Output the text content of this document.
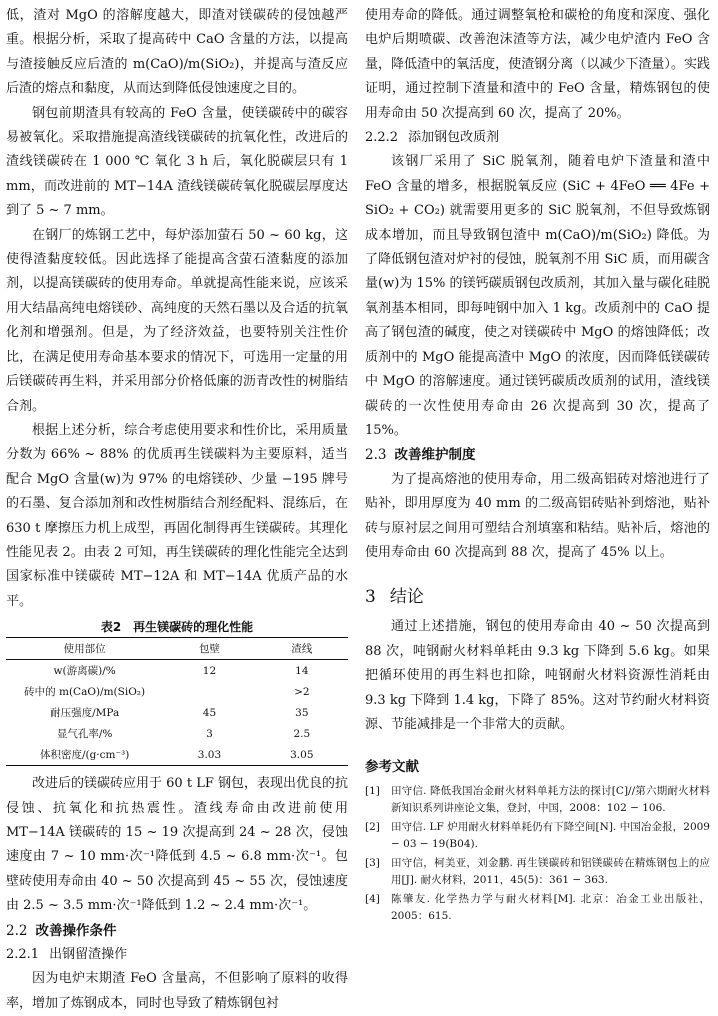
低，渣对 MgO 的溶解度越大，即渣对镁碳砖的侵蚀越严重。根据分析，采取了提高砖中 CaO 含量的方法，以提高与渣接触反应后渣的 m(CaO)/m(SiO₂)，并提高与渣反应后渣的熔点和黏度，从而达到降低侵蚀速度之目的。

钢包前期渣具有较高的 FeO 含量，使镁碳砖中的碳容易被氧化。采取措施提高渣线镁碳砖的抗氧化性，改进后的渣线镁碳砖在 1 000 ℃ 氧化 3 h 后，氧化脱碳层只有 1 mm，而改进前的 MT−14A 渣线镁碳砖氧化脱碳层厚度达到了 5 ~ 7 mm。

在钢厂的炼钢工艺中，每炉添加萤石 50 ~ 60 kg，这使得渣黏度较低。因此选择了能提高含萤石渣黏度的添加剂，以提高镁碳砖的使用寿命。单就提高性能来说，应该采用大结晶高纯电熔镁砂、高纯度的天然石墨以及合适的抗氧化剂和增强剂。但是，为了经济效益，也要特别关注性价比，在满足使用寿命基本要求的情况下，可选用一定量的用后镁碳砖再生料，并采用部分价格低廉的沥青改性的树脂结合剂。

根据上述分析，综合考虑使用要求和性价比，采用质量分数为 66% ~ 88% 的优质再生镁碳料为主要原料，适当配合 MgO 含量(w)为 97% 的电熔镁砂、少量 −195 牌号的石墨、复合添加剂和改性树脂结合剂经配料、混练后，在 630 t 摩擦压力机上成型，再固化制得再生镁碳砖。其理化性能见表 2。由表 2 可知，再生镁碳砖的理化性能完全达到国家标准中镁碳砖 MT−12A 和 MT−14A 优质产品的水平。

表2　再生镁碳砖的理化性能
使用部位	包壁	渣线
w(游离碳)/%	12	14
砖中的 m(CaO)/m(SiO₂)		>2
耐压强度/MPa	45	35
显气孔率/%	3	2.5
体积密度/(g·cm⁻³)	3.03	3.05

改进后的镁碳砖应用于 60 t LF 钢包，表现出优良的抗侵蚀、抗氧化和抗热震性。渣线寿命由改进前使用 MT−14A 镁碳砖的 15 ~ 19 次提高到 24 ~ 28 次，侵蚀速度由 7 ~ 10 mm·次⁻¹降低到 4.5 ~ 6.8 mm·次⁻¹。包壁砖使用寿命由 40 ~ 50 次提高到 45 ~ 55 次，侵蚀速度由 2.5 ~ 3.5 mm·次⁻¹降低到 1.2 ~ 2.4 mm·次⁻¹。

2.2 改善操作条件
2.2.1 出钢留渣操作

因为电炉末期渣 FeO 含量高，不但影响了原料的收得率，增加了炼钢成本，同时也导致了精炼钢包衬

使用寿命的降低。通过调整氧枪和碳枪的角度和深度、强化电炉后期喷碳、改善泡沫渣等方法，减少电炉渣内 FeO 含量，降低渣中的氧活度，使渣钢分离（以减少下渣量）。实践证明，通过控制下渣量和渣中的 FeO 含量，精炼钢包的使用寿命由 50 次提高到 60 次，提高了 20%。

2.2.2 添加钢包改质剂

该钢厂采用了 SiC 脱氧剂，随着电炉下渣量和渣中 FeO 含量的增多，根据脱氧反应 (SiC + 4FeO ══ 4Fe + SiO₂ + CO₂) 就需要用更多的 SiC 脱氧剂，不但导致炼钢成本增加，而且导致钢包渣中 m(CaO)/m(SiO₂) 降低。为了降低钢包渣对炉衬的侵蚀，脱氧剂不用 SiC 质，而用碳含量(w)为 15% 的镁钙碳质钢包改质剂，其加入量与碳化硅脱氧剂基本相同，即每吨钢中加入 1 kg。改质剂中的 CaO 提高了钢包渣的碱度，使之对镁碳砖中 MgO 的熔蚀降低；改质剂中的 MgO 能提高渣中 MgO 的浓度，因而降低镁碳砖中 MgO 的溶解速度。通过镁钙碳质改质剂的试用，渣线镁碳砖的一次性使用寿命由 26 次提高到 30 次，提高了 15%。

2.3 改善维护制度

为了提高熔池的使用寿命，用二级高铝砖对熔池进行了贴补，即用厚度为 40 mm 的二级高铝砖贴补到熔池，贴补砖与原衬层之间用可塑结合剂填塞和粘结。贴补后，熔池的使用寿命由 60 次提高到 88 次，提高了 45% 以上。

3 结论

通过上述措施，钢包的使用寿命由 40 ~ 50 次提高到 88 次，吨钢耐火材料单耗由 9.3 kg 下降到 5.6 kg。如果把循环使用的再生料也扣除，吨钢耐火材料资源性消耗由 9.3 kg 下降到 1.4 kg，下降了 85%。这对节约耐火材料资源、节能减排是一个非常大的贡献。

参考文献
[1]	田守信. 降低我国冶金耐火材料单耗方法的探讨[C]//第六期耐火材料新知识系列讲座论文集，登封，中国，2008：102 − 106.
[2]	田守信. LF 炉用耐火材料单耗仍有下降空间[N]. 中国冶金报，2009 − 03 − 19(B04).
[3]	田守信，柯美亚，刘金鹏. 再生镁碳砖和铝镁碳砖在精炼钢包上的应用[J]. 耐火材料，2011，45(5)：361 − 363.
[4]	陈肇友. 化学热力学与耐火材料[M]. 北京：冶金工业出版社，2005：615.
